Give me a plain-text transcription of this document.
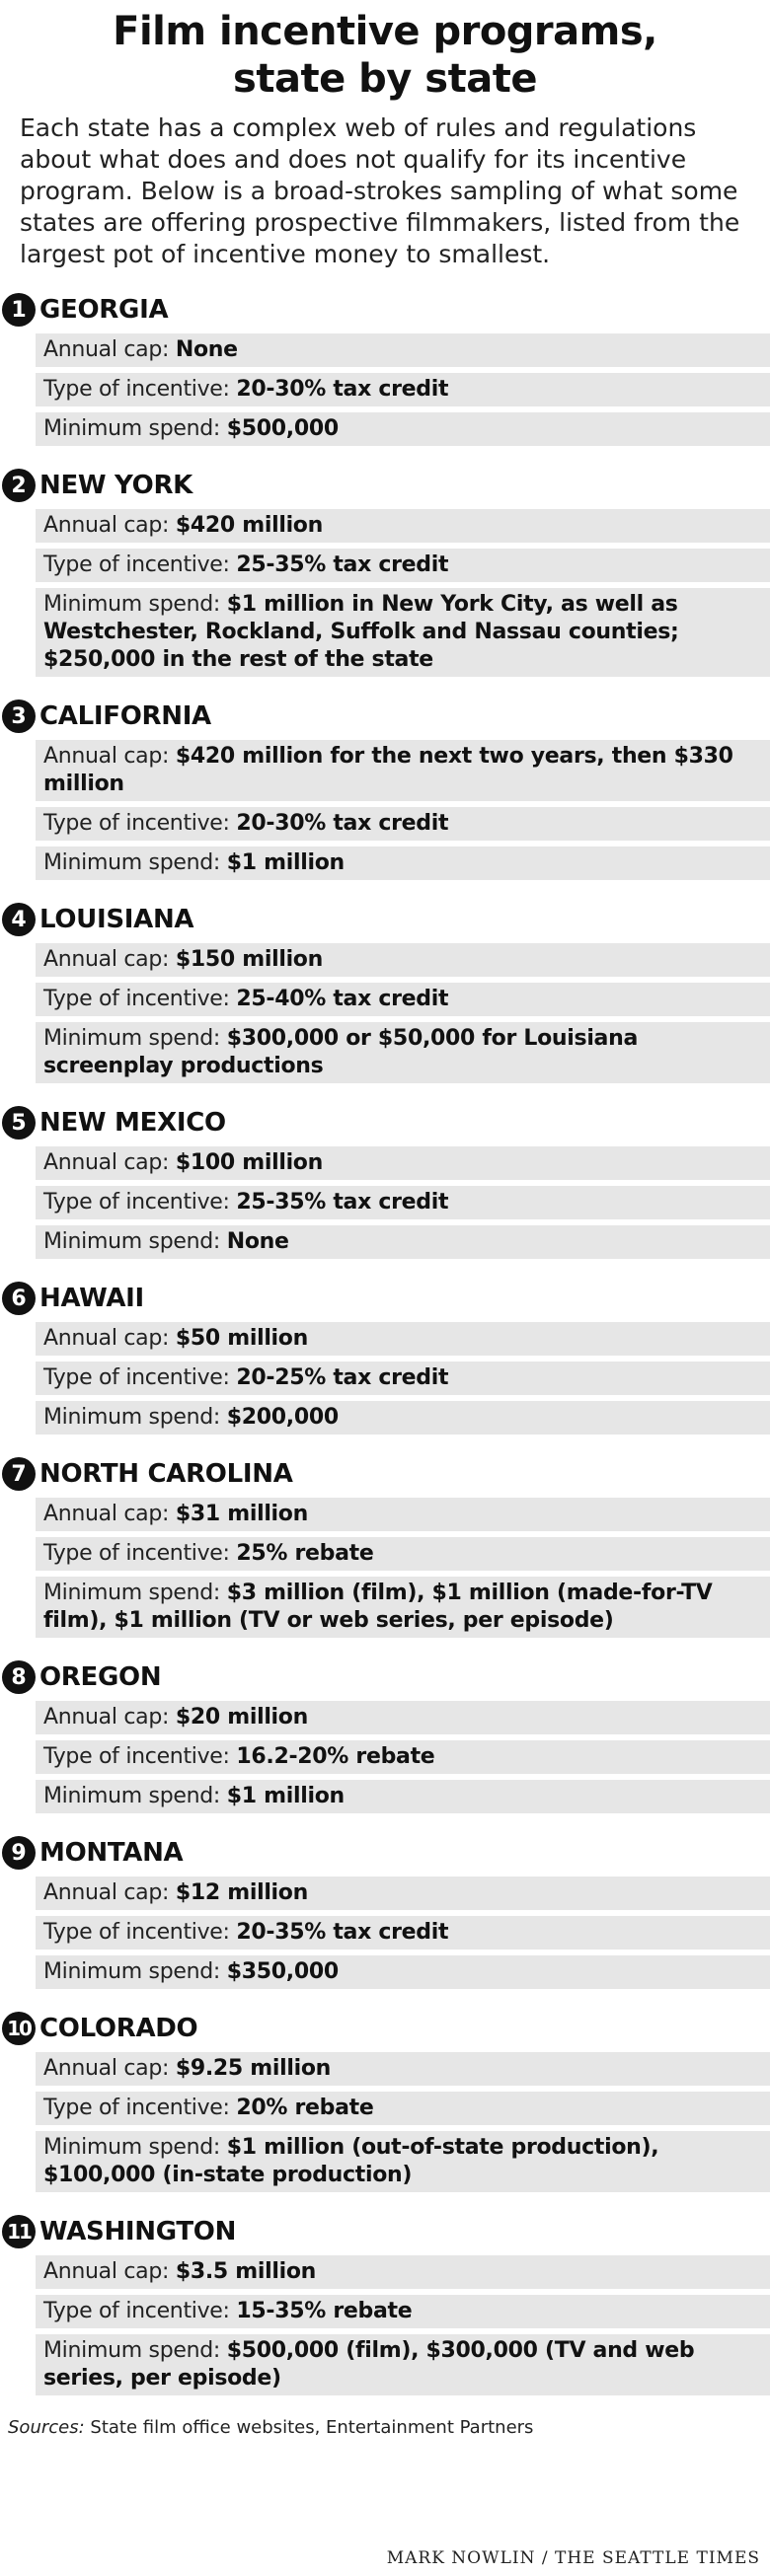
Film incentive programs,
state by state

Each state has a complex web of rules and regulations about what does and does not qualify for its incentive program. Below is a broad-strokes sampling of what some states are offering prospective filmmakers, listed from the largest pot of incentive money to smallest.

1 GEORGIA
Annual cap: None
Type of incentive: 20-30% tax credit
Minimum spend: $500,000
2 NEW YORK
Annual cap: $420 million
Type of incentive: 25-35% tax credit
Minimum spend: $1 million in New York City, as well as Westchester, Rockland, Suffolk and Nassau counties; $250,000 in the rest of the state
3 CALIFORNIA
Annual cap: $420 million for the next two years, then $330 million
Type of incentive: 20-30% tax credit
Minimum spend: $1 million
4 LOUISIANA
Annual cap: $150 million
Type of incentive: 25-40% tax credit
Minimum spend: $300,000 or $50,000 for Louisiana screenplay productions
5 NEW MEXICO
Annual cap: $100 million
Type of incentive: 25-35% tax credit
Minimum spend: None
6 HAWAII
Annual cap: $50 million
Type of incentive: 20-25% tax credit
Minimum spend: $200,000
7 NORTH CAROLINA
Annual cap: $31 million
Type of incentive: 25% rebate
Minimum spend: $3 million (film), $1 million (made-for-TV film), $1 million (TV or web series, per episode)
8 OREGON
Annual cap: $20 million
Type of incentive: 16.2-20% rebate
Minimum spend: $1 million
9 MONTANA
Annual cap: $12 million
Type of incentive: 20-35% tax credit
Minimum spend: $350,000
10 COLORADO
Annual cap: $9.25 million
Type of incentive: 20% rebate
Minimum spend: $1 million (out-of-state production), $100,000 (in-state production)
11 WASHINGTON
Annual cap: $3.5 million
Type of incentive: 15-35% rebate
Minimum spend: $500,000 (film), $300,000 (TV and web series, per episode)
Sources: State film office websites, Entertainment Partners
MARK NOWLIN / THE SEATTLE TIMES
